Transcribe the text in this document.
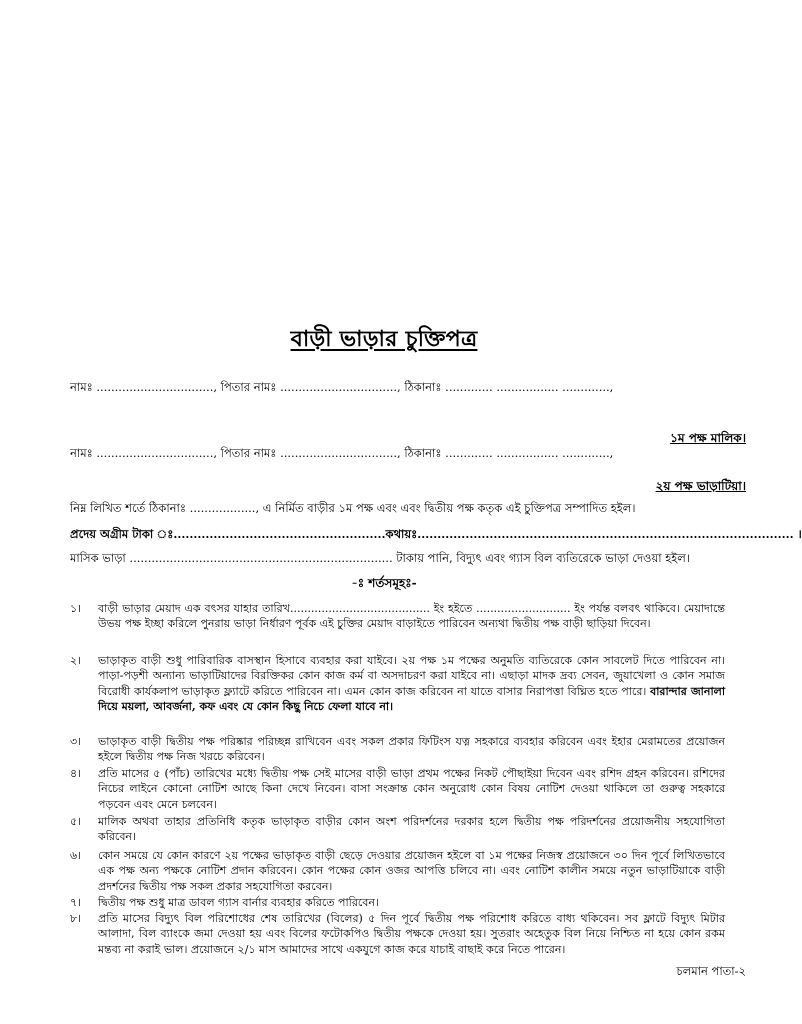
বাড়ী ভাড়ার চুক্তিপত্র
নামঃ ................................, পিতার নামঃ ................................, ঠিকানাঃ ............. ................. .............,
১ম পক্ষ মালিক।
নামঃ ................................, পিতার নামঃ ................................, ঠিকানাঃ ............. ................. .............,
২য় পক্ষ ভাড়াটিয়া।
নিম্ন লিখিত শর্তে ঠিকানাঃ .................., এ নির্মিত বাড়ীর ১ম পক্ষ এবং এবং দ্বিতীয় পক্ষ কতৃক এই চুক্তিপত্র সম্পাদিত হইল।
প্রদেয় অগ্রীম টাকা ঃ.....................................................কথায়ঃ.............................................................................................. ।
মাসিক ভাড়া ........................................................................ টাকায় পানি, বিদ্যুৎ এবং গ্যাস বিল ব্যতিরেকে ভাড়া দেওয়া হইল।
-ঃ শর্তসমূহঃ-
১।	বাড়ী ভাড়ার মেয়াদ এক বৎসর যাহার তারিখ........................................ ইং হইতে ........................... ইং পর্যন্ত বলবৎ থাকিবে। মেয়াদান্তে উভয় পক্ষ ইচ্ছা করিলে পুনরায় ভাড়া নির্ধারণ পূর্বক এই চুক্তির মেয়াদ বাড়াইতে পারিবেন অন্যথা দ্বিতীয় পক্ষ বাড়ী ছাড়িয়া দিবেন।
২।	ভাড়াকৃত বাড়ী শুধু পারিবারিক বাসস্থান হিসাবে ব্যবহার করা যাইবে। ২য় পক্ষ ১ম পক্ষের অনুমতি ব্যতিরেকে কোন সাবলেট দিতে পারিবেন না। পাড়া-পড়শী অন্যান্য ভাড়াটিয়াদের বিরক্তিকর কোন কাজ কর্ম বা অসদাচরণ করা যাইবে না। এছাড়া মাদক দ্রব্য সেবন, জুয়াখেলা ও কোন সমাজ বিরোধী কার্যকলাপ ভাড়াকৃত ফ্ল্যাটে করিতে পারিবেন না। এমন কোন কাজ করিবেন না যাতে বাসার নিরাপত্তা বিঘ্নিত হতে পারে। বারান্দার জানালা দিয়ে ময়লা, আবর্জনা, কফ এবং যে কোন কিছু নিচে ফেলা যাবে না।
৩।	ভাড়াকৃত বাড়ী দ্বিতীয় পক্ষ পরিষ্কার পরিচ্ছন্ন রাখিবেন এবং সকল প্রকার ফিটিংস যত্ন সহকারে ব্যবহার করিবেন এবং ইহার মেরামতের প্রয়োজন হইলে দ্বিতীয় পক্ষ নিজ খরচে করিবেন।
৪।	প্রতি মাসের ৫ (পাঁচ) তারিখের মধ্যে দ্বিতীয় পক্ষ সেই মাসের বাড়ী ভাড়া প্রথম পক্ষের নিকট পৌছাইয়া দিবেন এবং রশিদ গ্রহন করিবেন। রশিদের নিচের লাইনে কোনো নোটিশ আছে কিনা দেখে নিবেন। বাসা সংক্রান্ত কোন অনুরোধ কোন বিষয় নোটিশ দেওয়া থাকিলে তা গুরুত্ব সহকারে পড়বেন এবং মেনে চলবেন।
৫।	মালিক অথবা তাহার প্রতিনিধি কতৃক ভাড়াকৃত বাড়ীর কোন অংশ পরিদর্শনের দরকার হলে দ্বিতীয় পক্ষ পরিদর্শনের প্রয়োজনীয় সহযোগিতা করিবেন।
৬।	কোন সময়ে যে কোন কারণে ২য় পক্ষের ভাড়াকৃত বাড়ী ছেড়ে দেওয়ার প্রয়োজন হইলে বা ১ম পক্ষের নিজস্ব প্রয়োজনে ৩০ দিন পূর্বে লিখিতভাবে এক পক্ষ অন্য পক্ষকে নোটিশ প্রদান করিবেন। কোন পক্ষের কোন ওজর আপত্তি চলিবে না। এবং নোটিশ কালীন সময়ে নতুন ভাড়াটিয়াকে বাড়ী প্রদর্শনের দ্বিতীয় পক্ষ সকল প্রকার সহযোগিতা করবেন।
৭।	দ্বিতীয় পক্ষ শুধু মাত্র ডাবল গ্যাস বার্নার ব্যবহার করিতে পারিবেন।
৮।	প্রতি মাসের বিদ্যুৎ বিল পরিশোধের শেষ তারিখের (বিলের) ৫ দিন পূর্বে দ্বিতীয় পক্ষ পরিশোধ করিতে বাধ্য থকিবেন। সব ফ্লাটে বিদ্যুৎ মিটার আলাদা, বিল ব্যাংকে জমা দেওয়া হয় এবং বিলের ফটোকপিও দ্বিতীয় পক্ষকে দেওয়া হয়। সুতরাং অহেতুক বিল নিয়ে নিশ্চিত না হয়ে কোন রকম মন্তব্য না করাই ভাল। প্রয়োজনে ২/১ মাস আমাদের সাথে একযুগে কাজ করে যাচাই বাছাই করে নিতে পারেন।
চলমান পাতা-২
